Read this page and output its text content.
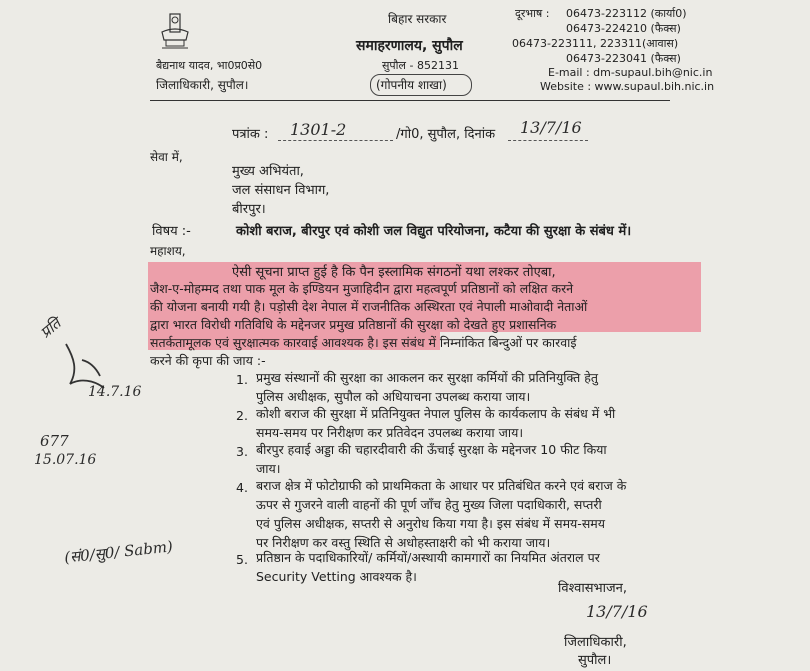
बैद्यनाथ यादव, भा0प्र0से0
जिलाधिकारी, सुपौल।
बिहार सरकार
समाहरणालय, सुपौल
सुपौल - 852131
(गोपनीय शाखा)
दूरभाष : 06473-223112 (कार्या0)
06473-224210 (फैक्स)
06473-223111, 223311(आवास)
06473-223041 (फैक्स)
E-mail : dm-supaul.bih@nic.in
Website : www.supaul.bih.nic.in
पत्रांक : 1301-2	/गो0, सुपौल, दिनांक 13/7/16
सेवा में,
मुख्य अभियंता,
जल संसाधन विभाग,
बीरपुर।
विषय :-	कोशी बराज, बीरपुर एवं कोशी जल विद्युत परियोजना, कटैया की सुरक्षा के संबंध में।
महाशय,
ऐसी सूचना प्राप्त हुई है कि पैन इस्लामिक संगठनों यथा लश्कर तोएबा,
जैश-ए-मोहम्मद तथा पाक मूल के इण्डियन मुजाहिदीन द्वारा महत्वपूर्ण प्रतिष्ठानों को लक्षित करने
की योजना बनायी गयी है। पड़ोसी देश नेपाल में राजनीतिक अस्थिरता एवं नेपाली माओवादी नेताओं
द्वारा भारत विरोधी गतिविधि के मद्देनजर प्रमुख प्रतिष्ठानों की सुरक्षा को देखते हुए प्रशासनिक
सतर्कतामूलक एवं सुरक्षात्मक कारवाई आवश्यक है। इस संबंध में निम्नांकित बिन्दुओं पर कारवाई
करने की कृपा की जाय :-
1. प्रमुख संस्थानों की सुरक्षा का आकलन कर सुरक्षा कर्मियों की प्रतिनियुक्ति हेतु
पुलिस अधीक्षक, सुपौल को अधियाचना उपलब्ध कराया जाय।
2. कोशी बराज की सुरक्षा में प्रतिनियुक्त नेपाल पुलिस के कार्यकलाप के संबंध में भी
समय-समय पर निरीक्षण कर प्रतिवेदन उपलब्ध कराया जाय।
3. बीरपुर हवाई अड्डा की चहारदीवारी की ऊँचाई सुरक्षा के मद्देनजर 10 फीट किया
जाय।
4. बराज क्षेत्र में फोटोग्राफी को प्राथमिकता के आधार पर प्रतिबंधित करने एवं बराज के
ऊपर से गुजरने वाली वाहनों की पूर्ण जाँच हेतु मुख्य जिला पदाधिकारी, सप्तरी
एवं पुलिस अधीक्षक, सप्तरी से अनुरोध किया गया है। इस संबंध में समय-समय
पर निरीक्षण कर वस्तु स्थिति से अधोहस्ताक्षरी को भी कराया जाय।
5. प्रतिष्ठान के पदाधिकारियों/ कर्मियों/अस्थायी कामगारों का नियमित अंतराल पर
Security Vetting आवश्यक है।
विश्वासभाजन,
13/7/16
जिलाधिकारी,
सुपौल।
प्रति
14.7.16
677
15.07.16
(सं0/सु0/ Sabm)
